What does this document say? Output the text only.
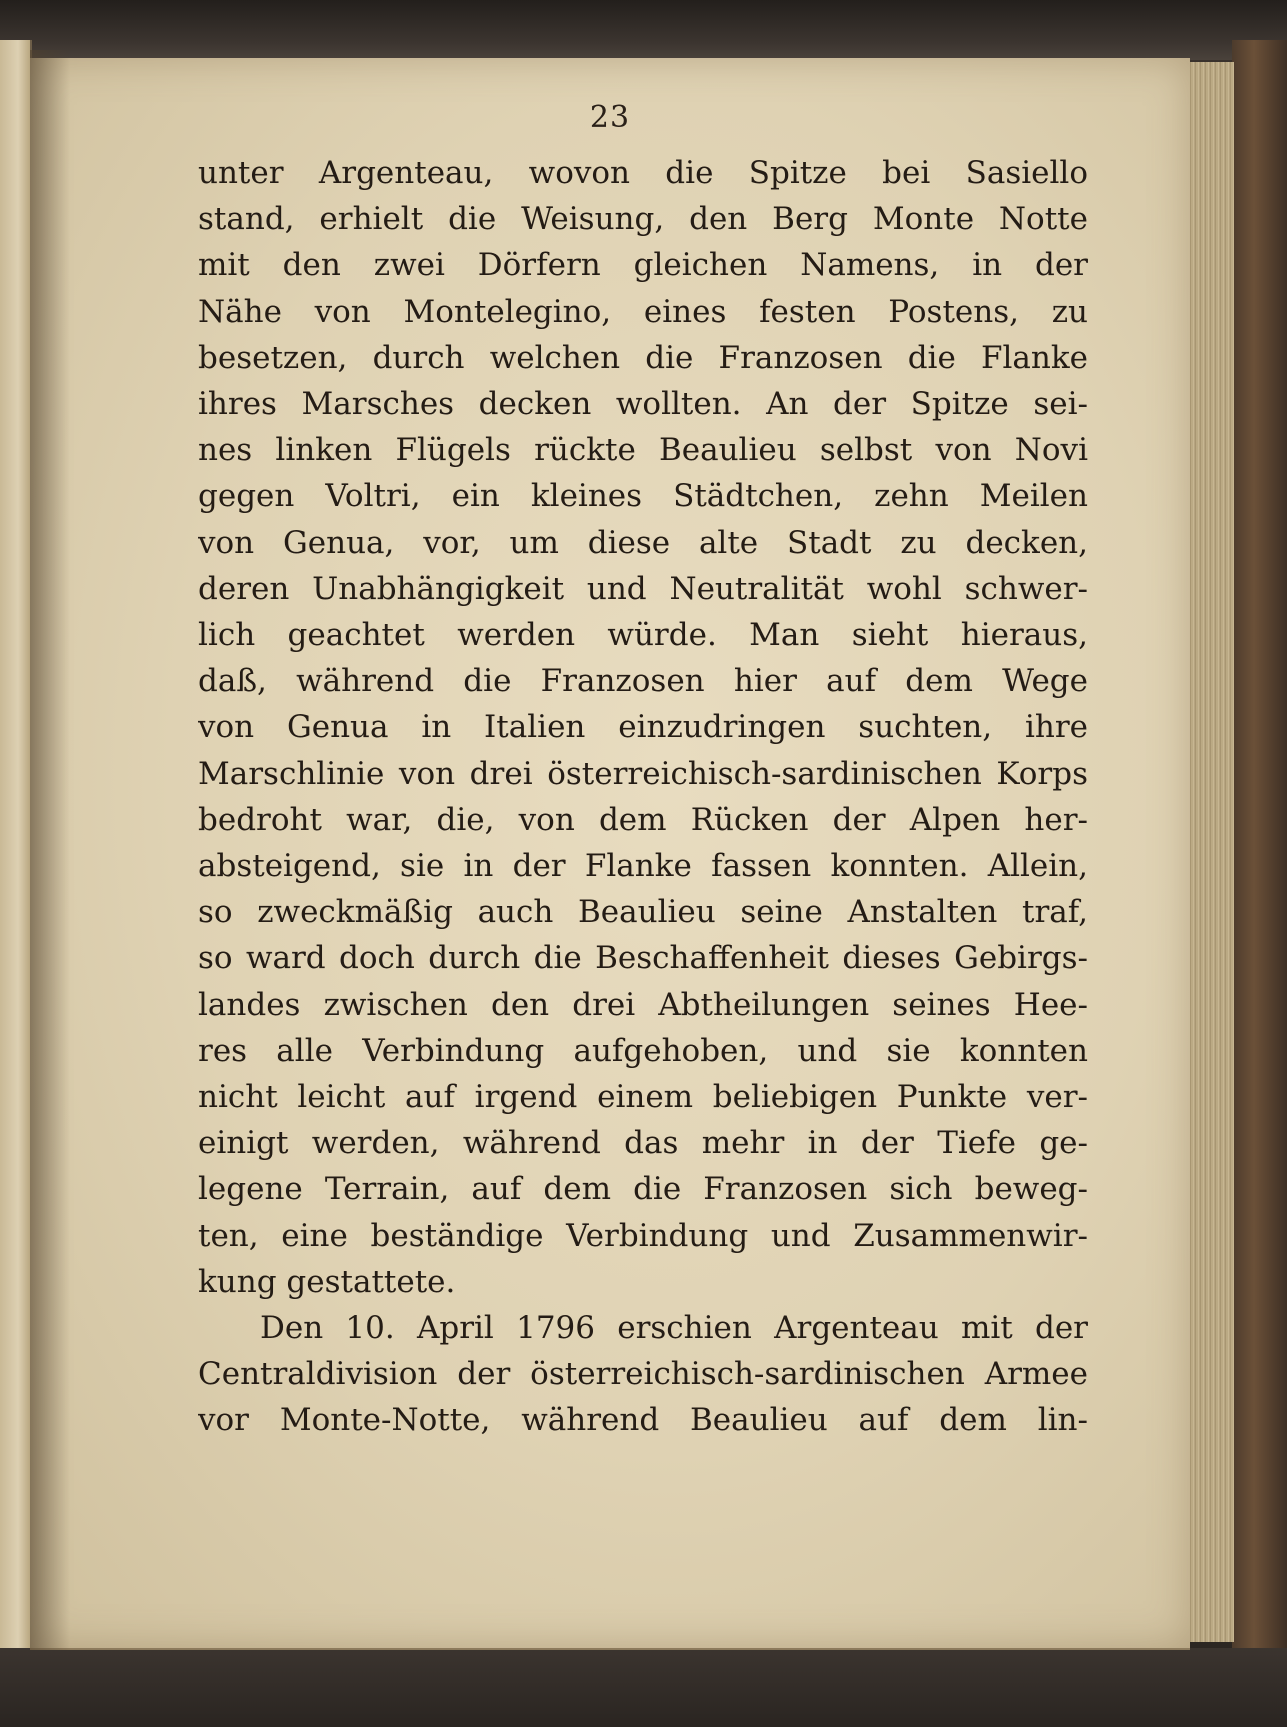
23
unter Argenteau, wovon die Spitze bei Sasiello
stand, erhielt die Weisung, den Berg Monte Notte
mit den zwei Dörfern gleichen Namens, in der
Nähe von Montelegino, eines festen Postens, zu
besetzen, durch welchen die Franzosen die Flanke
ihres Marsches decken wollten. An der Spitze sei-
nes linken Flügels rückte Beaulieu selbst von Novi
gegen Voltri, ein kleines Städtchen, zehn Meilen
von Genua, vor, um diese alte Stadt zu decken,
deren Unabhängigkeit und Neutralität wohl schwer-
lich geachtet werden würde. Man sieht hieraus,
daß, während die Franzosen hier auf dem Wege
von Genua in Italien einzudringen suchten, ihre
Marschlinie von drei österreichisch-sardinischen Korps
bedroht war, die, von dem Rücken der Alpen her-
absteigend, sie in der Flanke fassen konnten. Allein,
so zweckmäßig auch Beaulieu seine Anstalten traf,
so ward doch durch die Beschaffenheit dieses Gebirgs-
landes zwischen den drei Abtheilungen seines Hee-
res alle Verbindung aufgehoben, und sie konnten
nicht leicht auf irgend einem beliebigen Punkte ver-
einigt werden, während das mehr in der Tiefe ge-
legene Terrain, auf dem die Franzosen sich beweg-
ten, eine beständige Verbindung und Zusammenwir-
kung gestattete.
Den 10. April 1796 erschien Argenteau mit der
Centraldivision der österreichisch-sardinischen Armee
vor Monte-Notte, während Beaulieu auf dem lin-
